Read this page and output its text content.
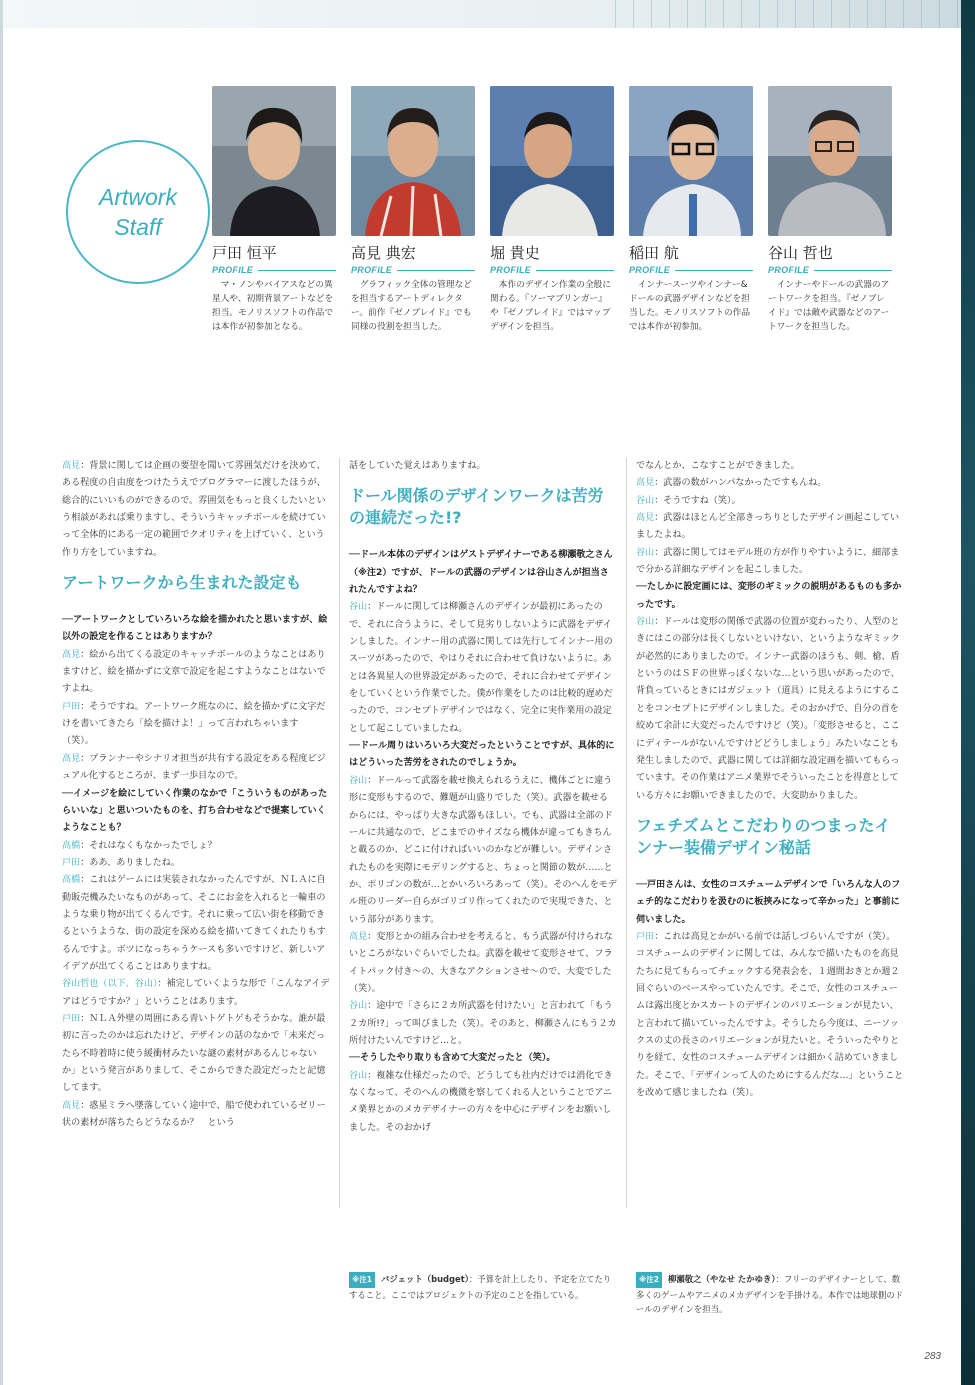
Artwork
Staff
戸田 恒平
PROFILE
マ・ノンやバイアスなどの異星人や、初期背景アートなどを担当。モノリスソフトの作品では本作が初参加となる。
高見 典宏
PROFILE
グラフィック全体の管理などを担当するアートディレクター。前作『ゼノブレイド』でも同様の役割を担当した。
堀 貴史
PROFILE
本作のデザイン作業の全般に関わる。『ソーマブリンガー』や『ゼノブレイド』ではマップデザインを担当。
稲田 航
PROFILE
インナースーツやインナー&ドールの武器デザインなどを担当した。モノリスソフトの作品では本作が初参加。
谷山 哲也
PROFILE
インナーやドールの武器のアートワークを担当。『ゼノブレイド』では敵や武器などのアートワークを担当した。

高見：背景に関しては企画の要望を聞いて雰囲気だけを決めて、ある程度の自由度をつけたうえでプログラマーに渡したほうが、総合的にいいものができるので。雰囲気をもっと良くしたいという相談があれば乗りますし、そういうキャッチボールを続けていって全体的にある一定の範囲でクオリティを上げていく、という作り方をしていますね。

アートワークから生まれた設定も

──アートワークとしていろいろな絵を描かれたと思いますが、絵以外の設定を作ることはありますか？

高見：絵から出てくる設定のキャッチボールのようなことはありますけど、絵を描かずに文章で設定を起こすようなことはないですよね。

戸田：そうですね。アートワーク班なのに、絵を描かずに文字だけを書いてきたら「絵を描けよ！」って言われちゃいます（笑）。

高見：プランナーやシナリオ担当が共有する設定をある程度ビジュアル化するところが、まず一歩目なので。

──イメージを絵にしていく作業のなかで「こういうものがあったらいいな」と思いついたものを、打ち合わせなどで提案していくようなことも？

高橋：それはなくもなかったでしょ？

戸田：ああ、ありましたね。

高橋：これはゲームには実装されなかったんですが、ＮＬＡに自動販売機みたいなものがあって、そこにお金を入れると一輪車のような乗り物が出てくるんです。それに乗って広い街を移動できるというような、街の設定を深める絵を描いてきてくれたりもするんですよ。ボツになっちゃうケースも多いですけど、新しいアイデアが出てくることはありますね。

谷山哲也（以下、谷山）：補完していくような形で「こんなアイデアはどうですか？」ということはあります。

戸田：ＮＬＡ外壁の周囲にある青いトゲトゲもそうかな。誰が最初に言ったのかは忘れたけど、デザインの話のなかで「未来だったら不時着時に使う緩衝材みたいな謎の素材があるんじゃないか」という発言がありまして、そこからできた設定だったと記憶してます。

高見：惑星ミラへ墜落していく途中で、船で使われているゼリー状の素材が落ちたらどうなるか？　という

話をしていた覚えはありますね。

ドール関係のデザインワークは苦労の連続だった!?

──ドール本体のデザインはゲストデザイナーである柳瀬敬之さん（※注2）ですが、ドールの武器のデザインは谷山さんが担当されたんですよね？

谷山：ドールに関しては柳瀬さんのデザインが最初にあったので、それに合うように、そして見劣りしないように武器をデザインしました。インナー用の武器に関しては先行してインナー用のスーツがあったので、やはりそれに合わせて負けないように。あとは各異星人の世界設定があったので、それに合わせてデザインをしていくという作業でした。僕が作業をしたのは比較的遅めだったので、コンセプトデザインではなく、完全に実作業用の設定として起こしていましたね。

──ドール周りはいろいろ大変だったということですが、具体的にはどういった苦労をされたのでしょうか。

谷山：ドールって武器を載せ換えられるうえに、機体ごとに違う形に変形もするので、難題が山盛りでした（笑）。武器を載せるからには、やっぱり大きな武器もほしい。でも、武器は全部のドールに共通なので、どこまでのサイズなら機体が違ってもきちんと載るのか、どこに付ければいいのかなどが難しい。デザインされたものを実際にモデリングすると、ちょっと関節の数が……とか、ポリゴンの数が…とかいろいろあって（笑）。そのへんをモデル班のリーダー自らがゴリゴリ作ってくれたので実現できた、という部分があります。

高見：変形とかの組み合わせを考えると、もう武器が付けられないところがないぐらいでしたね。武器を載せて変形させて、フライトパック付き〜の、大きなアクションさせ〜ので、大変でした（笑）。

谷山：途中で「さらに２カ所武器を付けたい」と言われて「もう２カ所!?」って叫びました（笑）。そのあと、柳瀬さんにもう２カ所付けたいんですけど…と。

──そうしたやり取りも含めて大変だったと（笑）。

谷山：複雑な仕様だったので、どうしても社内だけでは消化できなくなって、そのへんの機微を察してくれる人ということでアニメ業界とかのメカデザイナーの方々を中心にデザインをお願いしました。そのおかげ

でなんとか、こなすことができました。

高見：武器の数がハンパなかったですもんね。

谷山：そうですね（笑）。

高見：武器はほとんど全部きっちりとしたデザイン画起こしていましたよね。

谷山：武器に関してはモデル班の方が作りやすいように、細部まで分かる詳細なデザインを起こしました。

──たしかに設定画には、変形のギミックの説明があるものも多かったです。

谷山：ドールは変形の関係で武器の位置が変わったり、人型のときにはこの部分は長くしないといけない、というようなギミックが必然的にありましたので。インナー武器のほうも、剣、槍、盾というのはＳＦの世界っぽくないな…という思いがあったので、背負っているときにはガジェット（道具）に見えるようにすることをコンセプトにデザインしました。そのおかげで、自分の首を絞めて余計に大変だったんですけど（笑）。「変形させると、ここにディテールがないんですけどどうしましょう」みたいなことも発生しましたので、武器に関しては詳細な設定画を描いてもらっています。その作業はアニメ業界でそういったことを得意としている方々にお願いできましたので、大変助かりました。

フェチズムとこだわりのつまったインナー装備デザイン秘話

──戸田さんは、女性のコスチュームデザインで「いろんな人のフェチ的なこだわりを汲むのに板挟みになって辛かった」と事前に伺いました。

戸田：これは高見とかがいる前では話しづらいんですが（笑）。コスチュームのデザインに関しては、みんなで描いたものを高見たちに見てもらってチェックする発表会を、１週間おきとか週２回ぐらいのベースやっていたんです。そこで、女性のコスチュームは露出度とかスカートのデザインのバリエーションが見たい、と言われて描いていったんですよ。そうしたら今度は、ニーソックスの丈の長さのバリエーションが見たいと。そういったやりとりを経て、女性のコスチュームデザインは細かく詰めていきました。そこで、「デザインって人のためにするんだな…」ということを改めて感じましたね（笑）。

※注1 バジェット（budget）：予算を計上したり、予定を立てたりすること。ここではプロジェクトの予定のことを指している。
※注2 柳瀬敬之（やなせ たかゆき）：フリーのデザイナーとして、数多くのゲームやアニメのメカデザインを手掛ける。本作では地球側のドールのデザインを担当。
283
